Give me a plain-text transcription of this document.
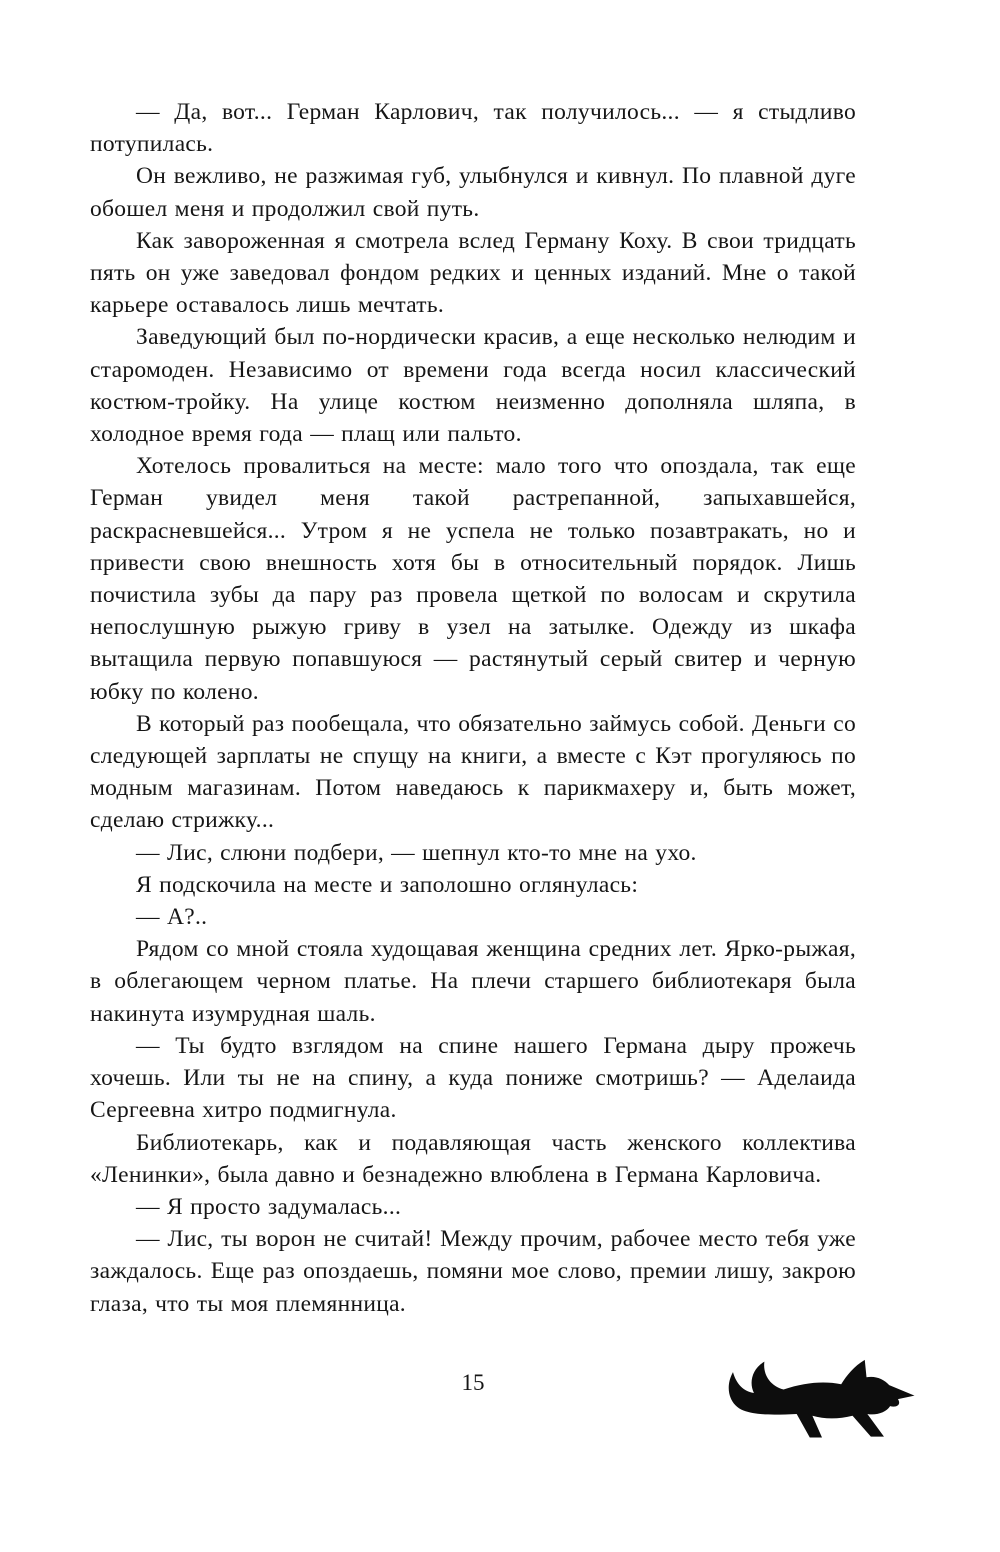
— Да, вот... Герман Карлович, так получилось... — я стыдливо потупилась.

Он вежливо, не разжимая губ, улыбнулся и кивнул. По плавной дуге обошел меня и продолжил свой путь.

Как завороженная я смотрела вслед Герману Коху. В свои тридцать пять он уже заведовал фондом редких и ценных изданий. Мне о такой карьере оставалось лишь мечтать.

Заведующий был по-нордически красив, а еще несколько нелюдим и старомоден. Независимо от времени года всегда носил классический костюм-тройку. На улице костюм неизменно дополняла шляпа, в холодное время года — плащ или пальто.

Хотелось провалиться на месте: мало того что опоздала, так еще Герман увидел меня такой растрепанной, запыхавшейся, раскрасневшейся... Утром я не успела не только позавтракать, но и привести свою внешность хотя бы в относительный порядок. Лишь почистила зубы да пару раз провела щеткой по волосам и скрутила непослушную рыжую гриву в узел на затылке. Одежду из шкафа вытащила первую попавшуюся — растянутый серый свитер и черную юбку по колено.

В который раз пообещала, что обязательно займусь собой. Деньги со следующей зарплаты не спущу на книги, а вместе с Кэт прогуляюсь по модным магазинам. Потом наведаюсь к парикмахеру и, быть может, сделаю стрижку...

— Лис, слюни подбери, — шепнул кто-то мне на ухо.

Я подскочила на месте и заполошно оглянулась:

— А?..

Рядом со мной стояла худощавая женщина средних лет. Ярко-рыжая, в облегающем черном платье. На плечи старшего библиотекаря была накинута изумрудная шаль.

— Ты будто взглядом на спине нашего Германа дыру прожечь хочешь. Или ты не на спину, а куда пониже смотришь? — Аделаида Сергеевна хитро подмигнула.

Библиотекарь, как и подавляющая часть женского коллектива «Ленинки», была давно и безнадежно влюблена в Германа Карловича.

— Я просто задумалась...

— Лис, ты ворон не считай! Между прочим, рабочее место тебя уже заждалось. Еще раз опоздаешь, помяни мое слово, премии лишу, закрою глаза, что ты моя племянница.

15
